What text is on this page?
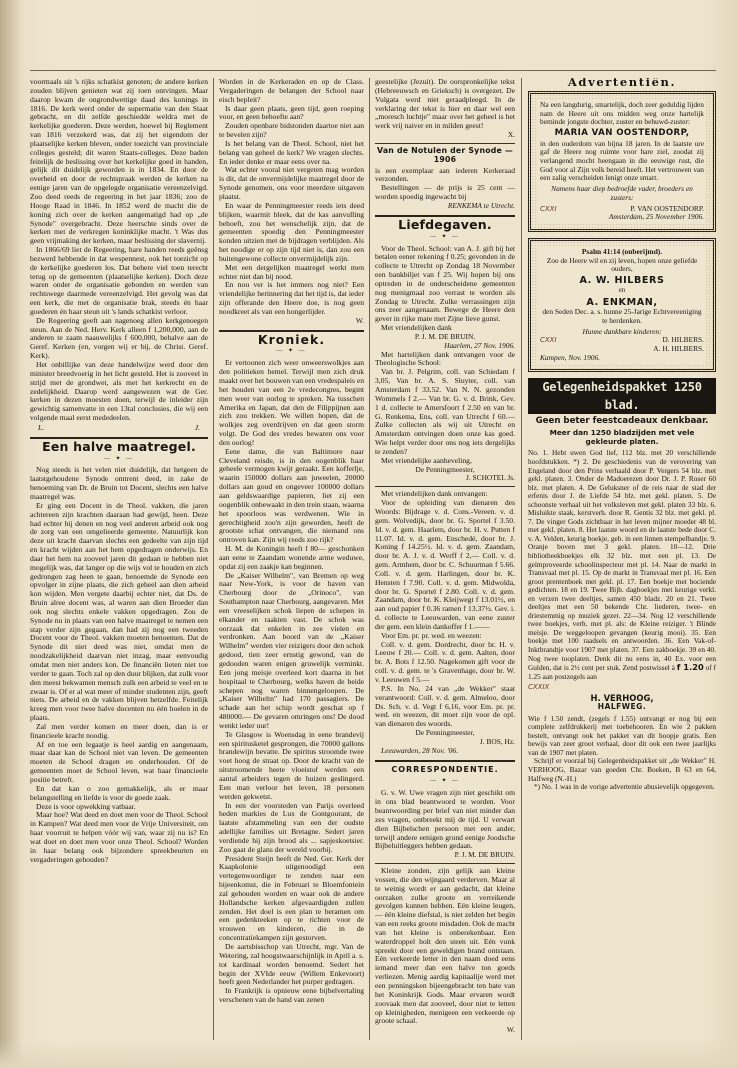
voormaals uit 's rijks schatkist genoten; de andere kerken zouden blijven genieten wat zij toen ontvingen. Maar daarop kwam de ongrondwettige daad des konings in 1816. De kerk werd onder de supermatie van den Staat gebracht, en dit zelfde geschiedde weldra met de kerkelijke goederen. Deze werden, hoewel bij Reglement van 1816 verzekerd was, dat zij het eigendom der plaatselijke kerken bleven, onder toezicht van provinciale colleges gesteld; dit waren Staats-colleges. Deze baden feitelijk de beslissing over het kerkelijke goed in handen, gelijk dit duidelijk geworden is in 1834. En door de overheid en door de rechtspraak werden de kerken na eenige jaren van de opgelegde organisatie vereenzelvigd. Zoo deed reeds de regeering in het jaar 1836; zoo de Hooge Raad in 1846. In 1852 werd de macht die de koning zich over de kerken aangematigd had op „de Synode" overgebracht. Deze heerschte sinds over de kerken met de verkregen koninklijke macht. 't Was dus geen vrijmaking der kerken, maar beslissing der slavernij.

In 1866/69 liet de Regeering, hare handen reeds geënsg bezwerd hebbende in dat wespennest, ook het toezicht op de kerkelijke goederen los. Dat behere viel toen terecht terug op de gemeenten (plaatselijke kerken). Doch deze waren onder de organisatie gebonden en werden van rechtswege daarmede vereenzelvigd. Het gevolg was dat een kerk, die met de organisatie brak, steeds én haar goederen én haar steun uit 's lands schatkist verloor.

De Regeering geeft aan nagenoeg allen kerkgenoegen steun. Aan de Ned. Herv. Kerk alleen f 1,200,000, aan de anderen te zaam naauwelijks f 600,000, behalve aan de Geref. Kerken (en, vorgen wij er bij, de Christ. Geref. Kerk).

Het onbillijke van deze handelwijze werd door den minister breedvoerig in het licht gesteld. Het is zooveel in strijd met de grondwet, als met het kerkrecht en de zedelijkheid. Daarop werd aangewezen wat de Ger. kerken in dezen moesten doen, terwijl de inleider zijn gewichtig samenvatte in een 13tal conclusies, die wij een volgende maal eerst mededeelen.

L.	J.
Een halve maatregel.
— ✦ —

Nog steeds is het velen niet duidelijk, dat hetgeen de laatstgehoudene Synode omtrent deed, in zake de benoeming van Dr. de Bruin tot Docent, slechts een halve maatregel was.

Er ging een Docent in de Theol. vakken, die jaren achtereen zijn krachten daaraan had gewijd, heen. Deze had echter bij denen en nog veel anderen arbeid ook nog de zorg van een omgelieerde gemeente. Natuurlijk kon deze uit kracht daarvan slechts een gedeelte van zijn tijd en kracht wijden aan het hem opgedragen onderwijs. En daar het hem na zooveel jaren dit gedaan te hebben niet mogelijk was, dat langer op die wijs vol te houden en zich gedrongen zag heen te gaan, benoemde de Synode een opvolger in zijne plaats, die zich geheel aan dien arbeid kon wijden. Men vergete daarbij echter niet, dat Ds. de Bruin alree docent was, al waren aan dien Broeder dan ook nog slechts enkele vakken opgedragen. Zou de Synode nu in plaats van een halve maatregel te nemen een stap verder zijn gegaan, dan had zij nog een tweeden Docent voor de Theol. vakken moeten benoemen. Dat de Synode dit niet deed was niet, omdat men de noodzakelijkheid daarvan niet inzag, maar eenvoudig omdat men niet anders kon. De financiën lieten niet toe verder te gaan. Toch zal op den duur blijken, dat zulk voor den meest bekwamen mensch zulk een arbeid te veel en te zwaar is. Of er al wat meer of minder studenten zijn, geeft niets. De arbeid en de vakken blijven hetzelfde. Feitelijk kreeg men voor twee halve docenten nu één hoelen in de plaats.

Zal men verder komen en meer doen, dan is er financieele kracht noodig.

Af en toe een legaatje is heel aardig en aangenaam, maar daar kan de School niet van leven. De gemeenten moeten de School dragen en onderhouden. Of de gemeenten moet de School leven, wat haar financieele positie betreft.

En dat kan o zoo gemakkelijk, als er maar belangstelling en liefde is voor de goede zaak.

Deze is voor opwekking vatbaar.

Maar hoe? Wat deed en doet men voor de Theol. School in Kampen? Wat deed men voor de Vrije Universiteit, om haar voorruit te helpen vóór wij van, waar zij nu is? En wat doet en doet men voor onze Theol. School? Worden in haar belang ook bijzondere spreekbeurten en vergaderingen gehouden?

Worden in de Kerkeraden en op de Class. Vergaderingen de belangen der School naar eisch bepleit?

Is daar geen plaats, geen tijd, geen roeping voor, en geen behoefte aan?

Zouden openbare bidstonden daartoe niet aan te bevelen zijn?

Is het belang van de Theol. School, niet het belang van geheel de kerk? We vragen slechts. En ieder denke er maar eens over na.

Wat echter vooral niet vergeten mag worden is dit, dat de onvermijdelijke maatregel door de Synode genomen, ons voor meerdere uitgaven plaatst.

En waar de Penningmeester reeds iets deed blijken, waarmit bleek, dat de kas aanvulling behoeft, zou het wenschelijk zijn, dat de gemeenten spoedig den Penningmeester konden uitzien met de bijdragen verblijden. Als het noodige er op zijn tijd niet is, dan zou een buitengewone collecte onvermijdelijk zijn.

Met een dergelijken maatregel werkt men echter niet dan bij nood.

En nou ver is het immers nog niet? Een vriendelijke herinnering dat het tijd is, dat ieder zijn offerande den Heere doe, is nog geen noodkreet als van een hongerlijder.

W.
Kroniek.
— ✦ —

Er vertoonen zich weer onweerswolkjes aan den politieken hemel. Terwijl men zich druk maakt over het bouwen van een vredespaleis en het houden van een 2e vredecongres, begint men weer van oorlog te spreken. Na tusschen Amerika en Japan, dat den de Filippijnen aan zich zou trekken. We willen hopen, dat de wolkjes zeg overdrijven en dat geen storm volgt. De God des vredes bewaren ons voor den oorlog!

Eene dame, die van Baltimore naar Cleveland reisde, is in den oogenblik haar geheele vermogen kwijt geraakt. Een kofferlje, waarin 150000 dollars aan juweelen, 20000 dollars aan goud en ongeveer 100000 dollars aan geldswaardige papieren, liet zij een oogenblik onbewaakt in den trein staan, waarna het spoorloos was verdwenen. Wie in gerechtigheid zoo'n zijn geworden, heeft de grootste schat ontvangen, die niemand ons ontroven kan. Zijn wij reeds zoo rijk?

H. M. de Koningin heeft f 80— geschonken aan eene te Zaandam wonende arme weduwe, opdat zij een zaakje kan beginnen.

De „Kaiser Wilhelm", van Bremen op weg naar New-York, is voor de haven van Cherbourg door de „Orinoco", van Southampton naar Cherbourg, aangevaren. Met een vreeselijken schok liepen de schepen in elkander en raakten vast. De schok was oorzaak dat enkelen in zee vielen en verdronken. Aan boord van de „Kaiser Wilhelm" werden vier reizigers door den schok gedood, tien zeer ernstig gewond, van de gedooden waren enigen gruwelijk verminkt. Een jong meisje overleed kort daarna in het hospitaal te Cherbourg, welks haven de beide schepen nog waren binnengeloopen. De „Kaiser Wilhelm" had 170 passagiers. De schade aan het schip wordt geschat op f 480000.— De gevaren omringen ons! De dood wenkt ieder uur!

Te Glasgow is Woensdag in eene brandevij een spiritusketel gesprongen, die 70000 gallons brandewijn bevatte. De spiritus stroomde twee voet hoog de straat op. Door de kracht van de uitstroomende heete vloeistof werden een aantal arbeiders tegen de huizen geslingerd. Een man verloor het leven, 18 personen werden gekwetst.

In een der voorsteden van Parijs overleed heden markies de Lux de Gontgourant, de laatste afstammeling van een der oudste adellijke families uit Bretagne. Sedert jaren verdiende hij zijn brood als ... sapjeskoetsier. Zoo gaat de glans der wereld voorbij.

President Steijn heeft de Ned. Ger. Kerk der Kaapkolonie uitgenoodigd een vertegenwoordiger te zenden naar een bijeenkomst, die in Februari te Bloemfontein zal gehouden worden en waar ook de andere Hollandsche kerken afgevaardigden zullen zenden. Het doel is een plan te beramen om een gedenkteeken op te richten voor de vrouwen en kinderen, die in de concentratiekampen zijn gestorven.

De aartsbisschop van Utrecht, mgr. Van de Wetering, zal hoogstwaarschijnlijk in April a. s. tot kardinaal worden benoemd. Sedert het begin der XVIde eeuw (Willem Enkevoort) heeft geen Nederlander het purper gedragen.

In Frankrijk is opnieuw eene bijbelvertaling verschenen van de hand van zenen

geestelijke (Jezuit). De oorspronkelijke tekst (Hebreeuwsch en Grieksch) is overgezet. De Vulgata werd niet geraadpleegd. In de verklaring der tekst is hier en daar wel een „moresch luchtje" maar over het geheel is het werk vrij naiver en in milden geest!

X.
Van de Notulen der Synode — 1906

is een exemplaar aan iederen Kerkeraad verzonden.

Bestellingen — de prijs is 25 cent — worden spoedig ingewacht bij

RENKEMA te Utrecht.
Liefdegaven.
— ✦ —

Voor de Theol. School: van A. J. gift bij het betalen eener rekening f 0.25; gevonden in de collecte te Utrecht op Zondag 18 November een bankbiljet van f 25. Wij hopen bij ons optreden in de onderscheidene gemeenten nog menigmaal zoo verrast te worden als Zondag te Utrecht. Zulke verrassingen zijn ons zeer aangenaam. Bewege de Heere den gever in rijke mate met Zijne lieve gunst.

Met vriendelijken dank

P. J. M. DE BRUIN.
Haarlem, 27 Nov. 1906.

Met hartelijken dank ontvangen voor de Theologische School:

Van br. J. Pelgrim, coll. van Schiedam f 3,05, Van br. A. S. Sluyter, coll. van Amsterdam f 33.52. Van N. N. gezonden Wommels f 2.— Van br. G. v. d. Brink, Gev. 1 d. collecte te Amersfoort f 2.50 en van br. G. Renkema, Ens, coll. van Utrecht f 60.— Zulke collecten als wij uit Utrecht en Amsterdam ontvingen doen onze kas goed. Wie helpt verder door ons nog iets dergelijks te zenden?

Met vriendelijke aanheveling,

De Penningmeester,
J. SCHOTEL Js.

Met vriendelijken dank ontvangen:

Voor de opleiding van dienaren des Woords: Bijdrage v. d. Cons.-Vereen. v. d. gem. Wolvedijk, door br. G. Sportel f 3.50. Id. v. d. gem. Haarlem, door br. H. v. Putten f 11.07. Id. v. d. gem. Enschedé, door br. J. Koning f 14.25½. Id. v. d. gem. Zaandam, door br. A. J. v. d. Werff f 2,— Coll. v. d. gem. Armhem, door br. C. Schuurman f 5.66. Coll. v. d. gem. Harlingen, door br. K. Hensten f 7.90. Coll. v. d. gem. Midwolda, door br. G. Sportel f 2.80. Coll. v. d. gem. Zaandam, door br. K. Kleijwegt f 13.01½, en aan oud papier f 0.36 ramen f 13.37½. Gev. i. d. collecte te Leeuwarden, van eene zuster der gem. een klein dankoffer f 1.——

Voor Em. pr. pr. wed. en weezen:

Coll. v. d. gem. Dordrecht, door br. H. v. Leeuw f 20.— Coll. v. d. gem. Aalten, door br. A. Bots f 12.50. Nagekomen gift voor de coll. v. d. gem. te 's Gravenhage, door br. W. v. Leeuwen f 5.—

P.S. In No. 24 van „de Wekker" staat verantwoord: Coll. v. d. gem. Almeloo, door Ds. Sch. v. d. Vegt f 6,16, voor Em. pr. pr. wed. en weezen, dit moet zijn voor de opl. van dienaren des woords.

De Penningmeester,
J. BOS, Hz.
Leeuwarden, 28 Nov. '06.
CORRESPONDENTIE.
— ✦ —

G. v. W. Uwe vragen zijn niet geschikt om in ons blad beantwoord te worden. Voor beantwoording per brief van niet minder dan zes vragen, ontbreekt mij de tijd. U verwart dien Bijbelschen persoon met een ander, terwijl andere eenigen grond eenige Joodsche Bijbeluitleggers hebben gedaan.

P. J. M. DE BRUIN.

Kleine zonden, zijn gelijk aan kleine vossen, die den wijngaard verderven. Maar al te weinig wordt er aan gedacht, dat kleine oorzaken zulke groote en verreikende gevolgen kunnen hebben. Eén kleine leugen, — één kleine diefstal, is niet zelden het begin van een reeks groote misdaden. Ook de macht van het kleine is onberekenbaar. Een waterdroppel holt den steen uit. Eén vunk spreekt door een geweldigen brand ontstaan. Eén verkeerde letter in den naam doed eens iemand meer dan een halve ton goeds verliezen. Menig aardig kapitaalije werd met een penningsken bijeengebracht ten bate van het Koninkrijk Gods. Maar ervaren wordt zoovaak men dat zooveel, door niet te letten op kleinigheden, menigeen een verkeerde op groote schaal.

W.
Advertentiën.
Na een langdurig, smartelijk, doch zeer geduldig lijden nam de Heere uit ons midden weg onze hartelijk beminde jongste dochter, zuster en behuwd-zuster:
MARIA VAN OOSTENDORP,
in den ouderdom van bijna 18 jaren. In de laatste ure gaf de Heere nog ruimte voor hare ziel, zoodat zij verlangend mocht heengaan in die eeuwige rust, die God voor al Zijn volk bereid heeft. Het vertrouwen van een zalig verscheiden lenigt onze smart.
Namens haar diep bedroefde vader, broeders en zusters:
CXXI	P. VAN OOSTENDORP.
Amsterdam, 25 November 1906.
Psalm 41:14 (onberijmd).
Zoo de Heere wil en zij leven, hopen onze geliefde ouders,
A. W. HILBERS
en
A. ENKMAN,
den Seden Dec. a. s. hunne 25-Jarige Echtvereeniging te herdenken.
Hunne dankbare kinderen:
CXXI	D. HILBERS.
A. H. HILBERS.
Kampen, Nov. 1906.
Gelegenheidspakket 1250 blad.
Geen beter feestcadeaux denkbaar.
Meer dan 1250 bladzijden met vele gekleurde platen.
No. 1. Hebt uwen God lief, 112 blz. met 20 verschillende hoofdstukken. *) 2. De geschiedenis van de verovering van Engeland door den Prins verhaald door P. Vergers 54 blz. met gekl. platen. 3. Onder de Madoerezen door Dr. J. P. Roser 60 blz. met platen. 4. De Geluksner of de reis naar de stad der erfenis door J. de Liefde 54 blz. met gekl. platen. 5. De schoonste verhaal uit het volksleven met gekl. platen 33 blz. 6. Misluikte staak, kerstverh. door R. Gentis 32 blz. met gekl. pl. 7. De vinger Gods zichtbaar in het leven mijner moeder 48 bl. met gekl. platen. 8. Het laatste woord en de laatste bede door C. v. A. Velden, keurig boekje, geb. in een linnen stempelbandje. 9. Oranje boven met 3 gekl. platen. 10—12. Drie bibliotheekboekjes elk 32 blz. met een pl. 13. De geïmproveerde schoolinspecteur met pl. 14. Naar de markt in Transvaal met pl. 15. Op de markt in Transvaal met pl. 16. Een groot prentenboek met gekl. pl. 17. Een boekje met bociende gedichten. 18 en 19. Twee Bijb. dagboekjes met keurige verkl. en verzen twee deeltjes, samen 450 bladz. 20 en 21. Twee deeltjes met een 50 bekende Chr. liederen, twee- en driestemmig op muziek gezet. 22—34. Nog 12 verschillende twee boekjes, verh. met pl. als: de Kleine reiziger. 't Blinde meisje. De weggeloopen gevangen (keurig mooi). 35. Een boekje met 100 raadsels en antwoorden. 36. Een Vak-of-Inktbrandtje voor 1907 met platen. 37. Een zakboekje. 39 en 40. Nog twee tooplaten. Denk dit nu eens in, 40 Ex. voor een Gulden, dat is 2½ cent per stuk. Zend postwissel à f 1.20 of f 1.25 aan postzegels aan
CXXIX
H. VERHOOG,
HALFWEG.
Wie f 1.50 zendt, (zegels f 1.55) ontvangt er nog bij een complete zelfdrukkerij met toebehooren. En wie 2 pakken bestelt, ontvangt ook het pakket van dit hoopje gratis. Een bewijs van zeer groot verhaal, door dit ook een twee jaarlijks van de 1907 met platen.
Schrijf er voorzal bij Gelegenheidspakket uit „de Wekker" H. VERHOOG, Bazar van goeden Chr. Boeken, B 63 en 64, Halfweg (N.-H.)
*) No. 1 was in de vorige advertentie abusievelijk opgegeven.
